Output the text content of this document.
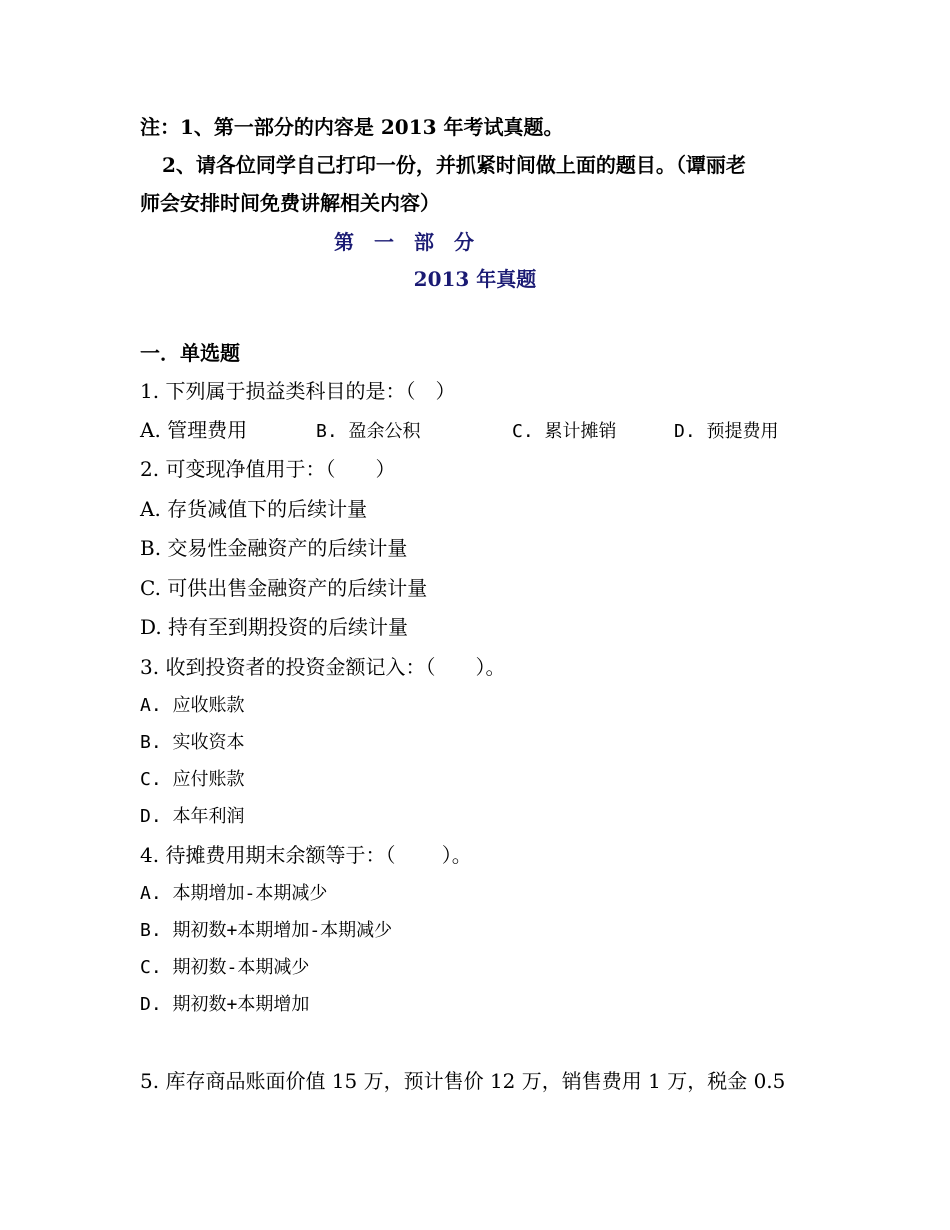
注：1、第一部分的内容是 2013 年考试真题。
2、请各位同学自己打印一份，并抓紧时间做上面的题目。（谭丽老
师会安排时间免费讲解相关内容）
第　一　部　分
2013 年真题
一．单选题
1. 下列属于损益类科目的是：（　）
A. 管理费用	B. 盈余公积	C. 累计摊销	D. 预提费用
2. 可变现净值用于：（　　）
A. 存货减值下的后续计量
B. 交易性金融资产的后续计量
C. 可供出售金融资产的后续计量
D. 持有至到期投资的后续计量
3. 收到投资者的投资金额记入：（　　）。
A. 应收账款
B. 实收资本
C. 应付账款
D. 本年利润
4. 待摊费用期末余额等于：（　　 ）。
A. 本期增加-本期减少
B. 期初数+本期增加-本期减少
C. 期初数-本期减少
D. 期初数+本期增加
5. 库存商品账面价值 15 万，预计售价 12 万，销售费用 1 万，税金 0.5
